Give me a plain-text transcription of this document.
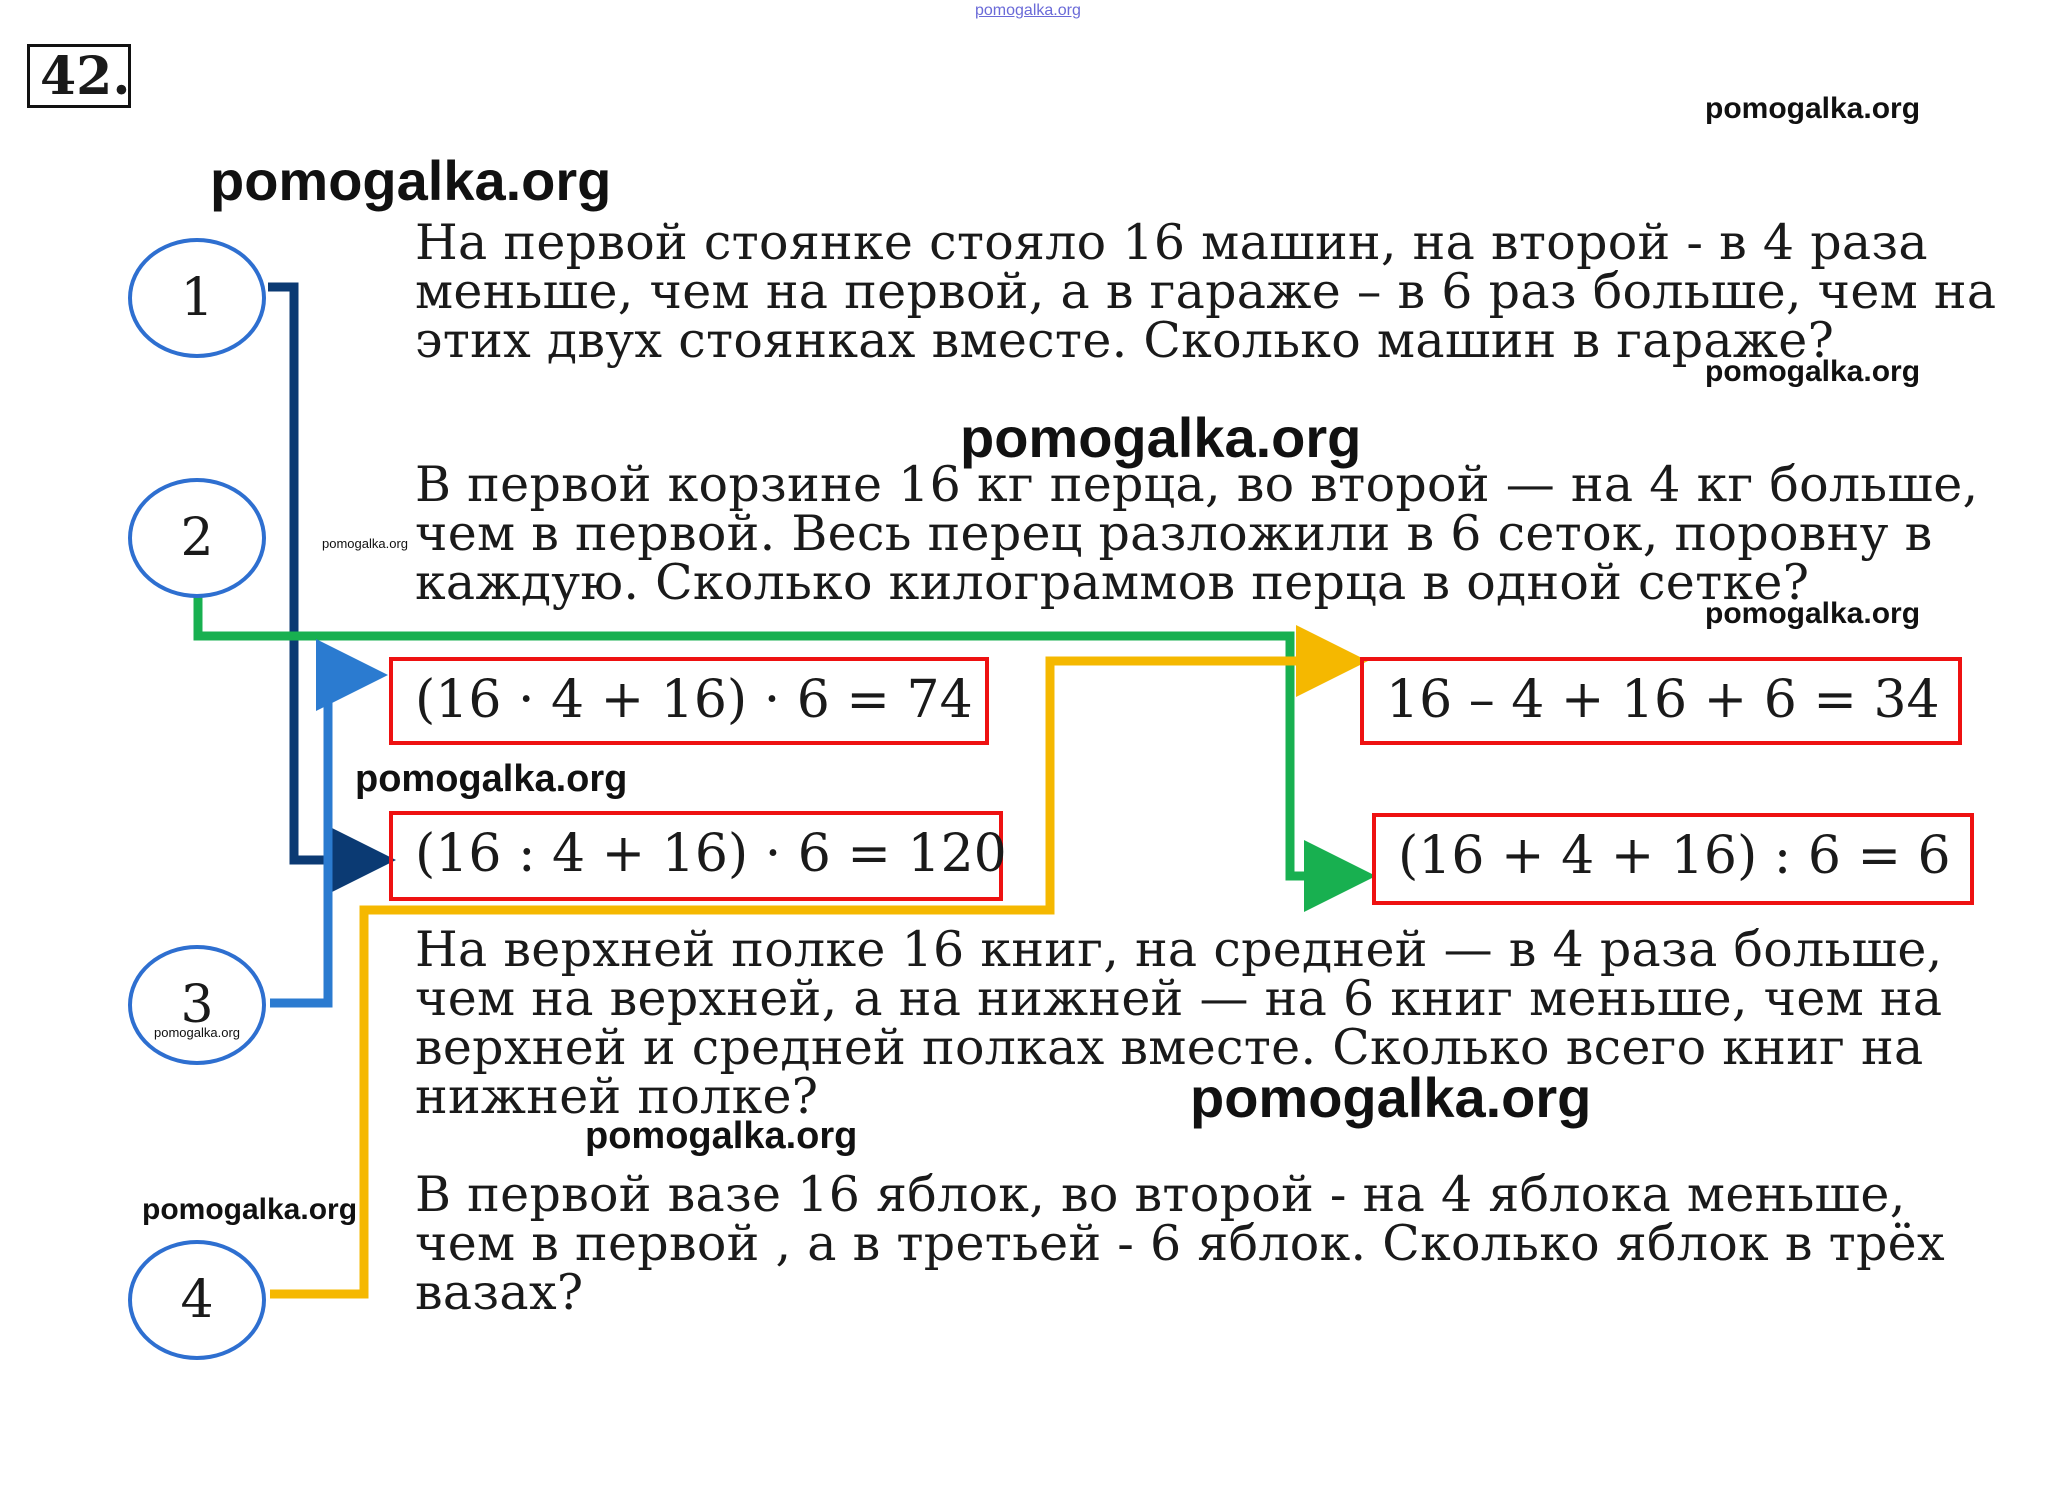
42.
pomogalka.org
pomogalka.org
pomogalka.org
pomogalka.org
pomogalka.org
pomogalka.org
pomogalka.org
pomogalka.org
pomogalka.org
pomogalka.org
pomogalka.org
1
2
3
4
pomogalka.org
На первой стоянке стояло 16 машин, на второй - в 4 раза
меньше, чем на первой, а в гараже – в 6 раз больше, чем на
этих двух стоянках вместе. Сколько машин в гараже?
В первой корзине 16 кг перца, во второй — на 4 кг больше,
чем в первой. Весь перец разложили в 6 сеток, поровну в
каждую. Сколько килограммов перца в одной сетке?
На верхней полке 16 книг, на средней — в 4 раза больше,
чем на верхней, а на нижней — на 6 книг меньше, чем на
верхней и средней полках вместе. Сколько всего книг на
нижней полке?
В первой вазе 16 яблок, во второй - на 4 яблока меньше,
чем в первой , а в третьей - 6 яблок. Сколько яблок в трёх
вазах?
(16 · 4 + 16) · 6 = 74
(16 : 4 + 16) · 6 = 120
16 – 4 + 16 + 6 = 34
(16 + 4 + 16) : 6 = 6
